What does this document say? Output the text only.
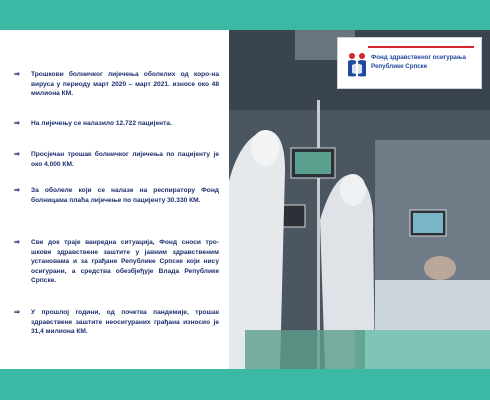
⇒	Трошкови болничког лијечења оболелих од коро-на вируса у периоду март 2020 – март 2021. износе око 48 милиона КМ.
⇒	На лијечењу се налазило 12.722 пацијента.
⇒	Просјечан трошак болничког лијечења по пацијенту је око 4.000 КМ.
⇒	За оболеле који се налазе на респиратору Фонд болницама плаћа лијечење по пацијенту 30.330 КМ.
⇒	Све док траје ванредна ситуација, Фонд сноси тро-шкове здравствене заштите у јавним здравственим установама и за грађане Републике Српске који нису осигурани, а средства обезбјеђује Влада Републике Српске.
⇒	У прошлој години, од почетка пандемије, трошак здравствене заштите неосигураних грађана износио је 31,4 милиона КМ.
Фонд здравственог осигурања
Републике Српске
